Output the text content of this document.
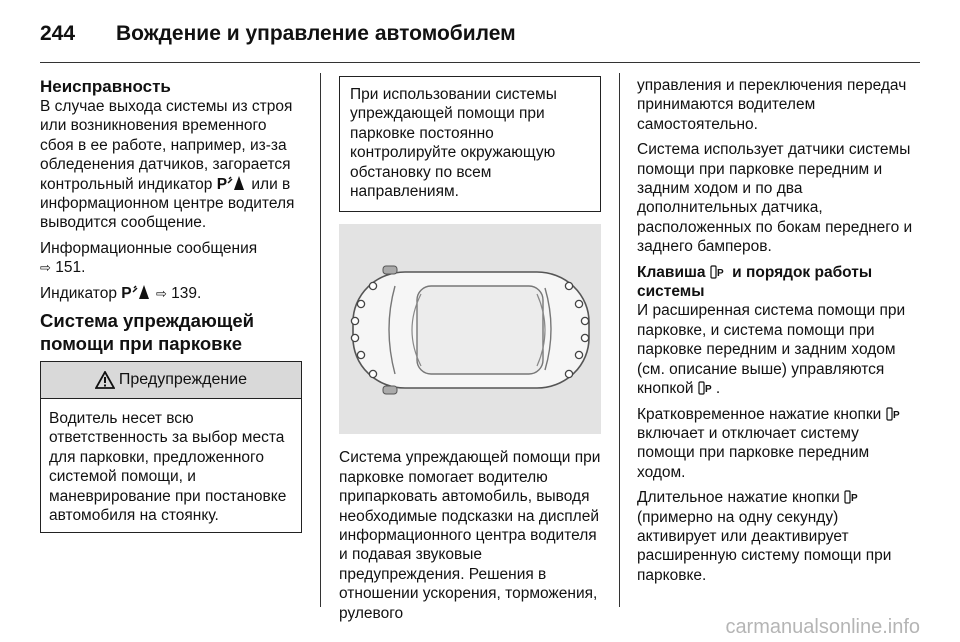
244	Вождение и управление автомобилем
Неисправность

В случае выхода системы из строя или возникновения временного сбоя в ее работе, например, из-за обледенения датчиков, загорается контрольный индикатор P или в информационном центре водителя выводится сообщение.

Информационные сообщения
⇨ 151.

Индикатор P ⇨ 139.

Система упреждающей помощи при парковке
Предупреждение
Водитель несет всю ответственность за выбор места для парковки, предложенного системой помощи, и маневрирование при постановке автомобиля на стоянку.
При использовании системы упреждающей помощи при парковке постоянно контролируйте окружающую обстановку по всем направлениям.

Система упреждающей помощи при парковке помогает водителю припарковать автомобиль, выводя необходимые подсказки на дисплей информационного центра водителя и подавая звуковые предупреждения. Решения в отношении ускорения, торможения, рулевого

управления и переключения передач принимаются водителем самостоятельно.

Система использует датчики системы помощи при парковке передним и задним ходом и по два дополнительных датчика, расположенных по бокам переднего и заднего бамперов.

Клавиша P и порядок работы системы

И расширенная система помощи при парковке, и система помощи при парковке передним и задним ходом (см. описание выше) управляются кнопкой P .

Кратковременное нажатие кнопки P
включает и отключает систему помощи при парковке передним ходом.

Длительное нажатие кнопки P
(примерно на одну секунду) активирует или деактивирует расширенную систему помощи при парковке.

carmanualsonline.info
